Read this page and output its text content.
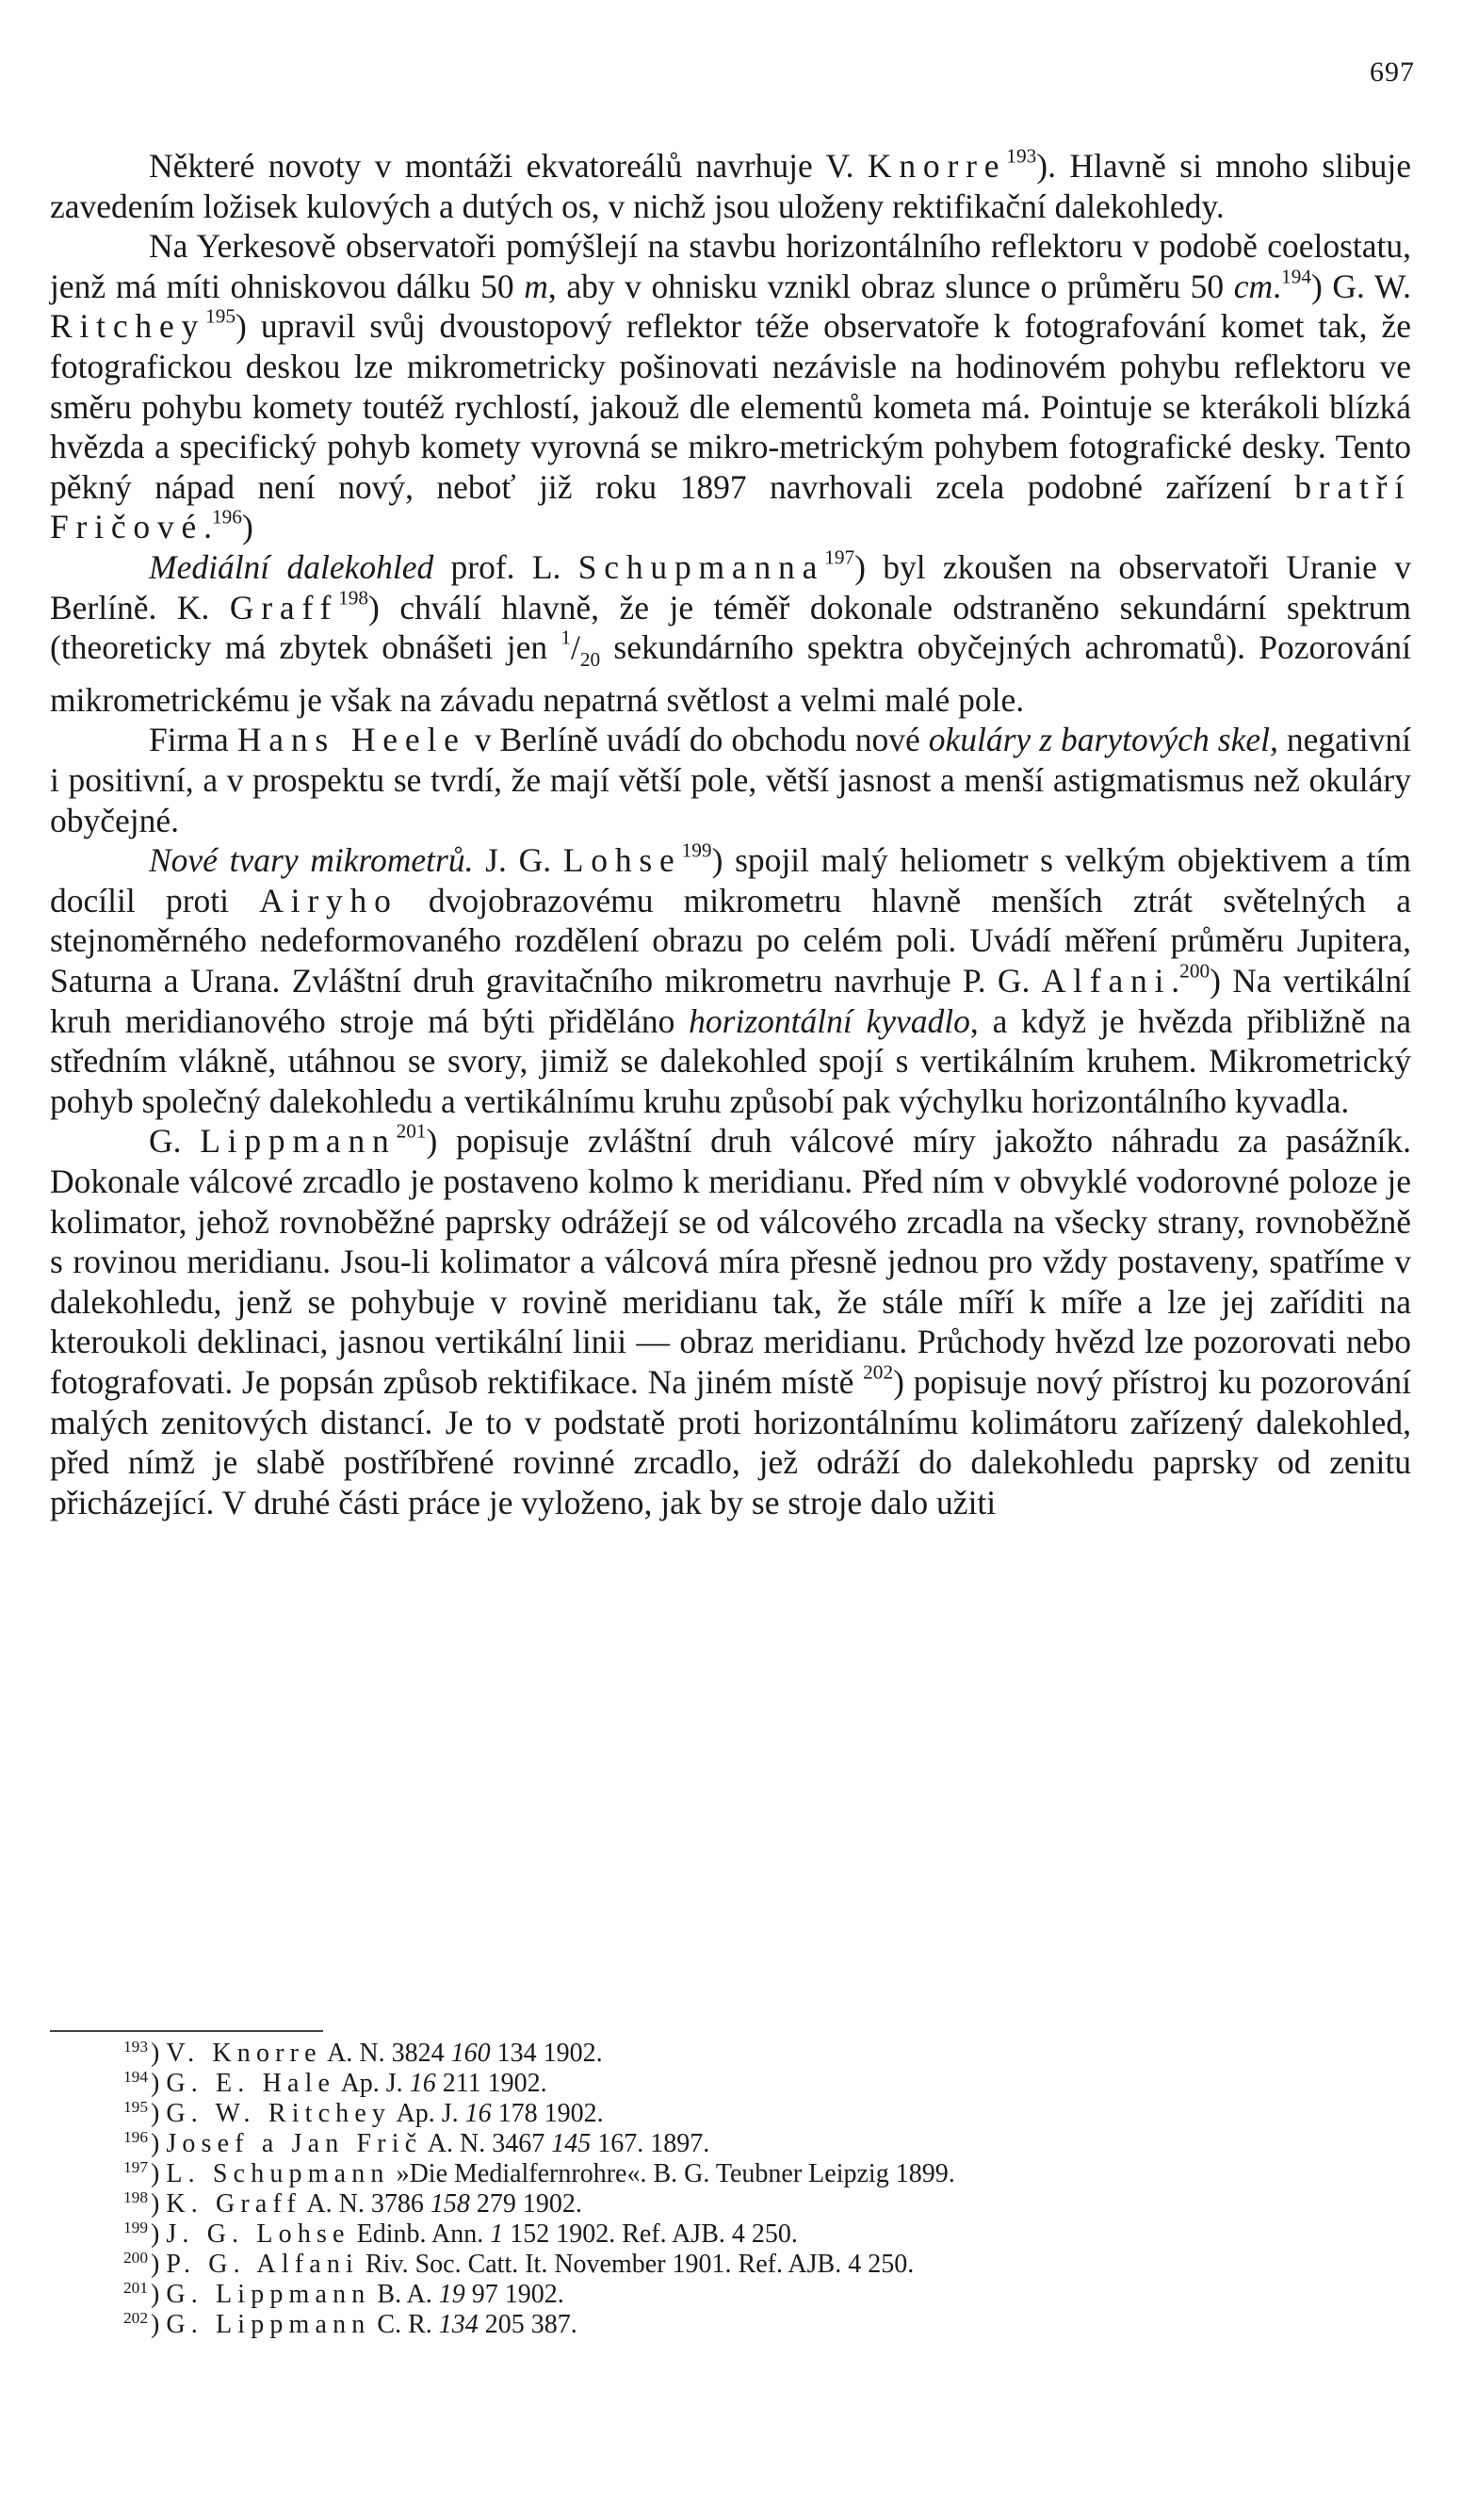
697

Některé novoty v montáži ekvatoreálů navrhuje V. Knorre$^{193}$). Hlavně si mnoho slibuje zavedením ložisek kulových a dutých os, v nichž jsou uloženy rektifikační dalekohledy.

Na Yerkesově observatoři pomýšlejí na stavbu horizontálního reflektoru v podobě coelostatu, jenž má míti ohniskovou dálku 50 m, aby v ohnisku vznikl obraz slunce o průměru 50 cm.$^{194}$) G. W. Ritchey$^{195}$) upravil svůj dvoustopový reflektor téže observatoře k fotografování komet tak, že fotografickou deskou lze mikrometricky pošinovati nezávisle na hodinovém pohybu reflektoru ve směru pohybu komety toutéž rychlostí, jakouž dle elementů kometa má. Pointuje se kterákoli blízká hvězda a specifický pohyb komety vyrovná se mikro-metrickým pohybem fotografické desky. Tento pěkný nápad není nový, neboť již roku 1897 navrhovali zcela podobné zařízení bratří Fričové.$^{196}$)

Mediální dalekohled prof. L. Schupmanna$^{197}$) byl zkoušen na observatoři Uranie v Berlíně. K. Graff$^{198}$) chválí hlavně, že je téměř dokonale odstraněno sekundární spektrum (theoreticky má zbytek obnášeti jen $^1/_{20}$ sekundárního spektra obyčejných achromatů). Pozorování mikrometrickému je však na závadu nepatrná světlost a velmi malé pole.

Firma Hans Heele v Berlíně uvádí do obchodu nové okuláry z barytových skel, negativní i positivní, a v prospektu se tvrdí, že mají větší pole, větší jasnost a menší astigmatismus než okuláry obyčejné.

Nové tvary mikrometrů. J. G. Lohse$^{199}$) spojil malý heliometr s velkým objektivem a tím docílil proti Airyho dvojobrazovému mikrometru hlavně menších ztrát světelných a stejnoměrného nedeformovaného rozdělení obrazu po celém poli. Uvádí měření průměru Jupitera, Saturna a Urana. Zvláštní druh gravitačního mikrometru navrhuje P. G. Alfani.$^{200}$) Na vertikální kruh meridianového stroje má býti přiděláno horizontální kyvadlo, a když je hvězda přibližně na středním vlákně, utáhnou se svory, jimiž se dalekohled spojí s vertikálním kruhem. Mikrometrický pohyb společný dalekohledu a vertikálnímu kruhu způsobí pak výchylku horizontálního kyvadla.

G. Lippmann$^{201}$) popisuje zvláštní druh válcové míry jakožto náhradu za pasážník. Dokonale válcové zrcadlo je postaveno kolmo k meridianu. Před ním v obvyklé vodorovné poloze je kolimator, jehož rovnoběžné paprsky odrážejí se od válcového zrcadla na všecky strany, rovnoběžně s rovinou meridianu. Jsou-li kolimator a válcová míra přesně jednou pro vždy postaveny, spatříme v dalekohledu, jenž se pohybuje v rovině meridianu tak, že stále míří k míře a lze jej zaříditi na kteroukoli deklinaci, jasnou vertikální linii — obraz meridianu. Průchody hvězd lze pozorovati nebo fotografovati. Je popsán způsob rektifikace. Na jiném místě $^{202}$) popisuje nový přístroj ku pozorování malých zenitových distancí. Je to v podstatě proti horizontálnímu kolimátoru zařízený dalekohled, před nímž je slabě postříbřené rovinné zrcadlo, jež odráží do dalekohledu paprsky od zenitu přicházející. V druhé části práce je vyloženo, jak by se stroje dalo užiti

193 ) V. Knorre A. N. 3824 160 134 1902.
194 ) G. E. Hale Ap. J. 16 211 1902.
195 ) G. W. Ritchey Ap. J. 16 178 1902.
196 ) Josef a Jan Frič A. N. 3467 145 167. 1897.
197 ) L. Schupmann »Die Medialfernrohre«. B. G. Teubner Leipzig 1899.
198 ) K. Graff A. N. 3786 158 279 1902.
199 ) J. G. Lohse Edinb. Ann. 1 152 1902. Ref. AJB. 4 250.
200 ) P. G. Alfani Riv. Soc. Catt. It. November 1901. Ref. AJB. 4 250.
201 ) G. Lippmann B. A. 19 97 1902.
202 ) G. Lippmann C. R. 134 205 387.
